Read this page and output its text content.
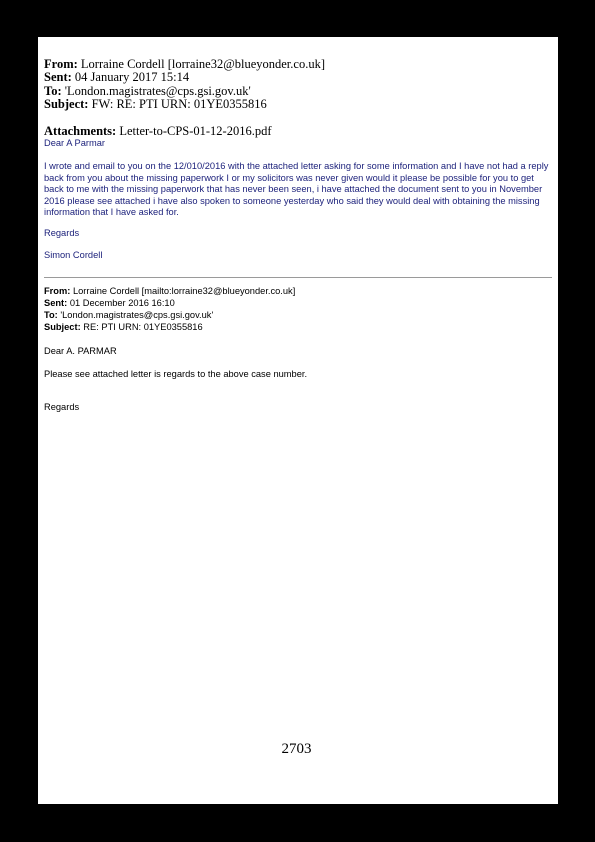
From: Lorraine Cordell [lorraine32@blueyonder.co.uk]
Sent: 04 January 2017 15:14
To: 'London.magistrates@cps.gsi.gov.uk'
Subject: FW: RE: PTI URN: 01YE0355816
Attachments: Letter-to-CPS-01-12-2016.pdf
Dear A Parmar
I wrote and email to you on the 12/010/2016 with the attached letter asking for some information and I have not had a reply back from you about the missing paperwork I or my solicitors was never given would it please be possible for you to get back to me with the missing paperwork that has never been seen, i have attached the document sent to you in November 2016 please see attached i have also spoken to someone yesterday who said they would deal with obtaining the missing information that I have asked for.
Regards
Simon Cordell
From: Lorraine Cordell [mailto:lorraine32@blueyonder.co.uk]
Sent: 01 December 2016 16:10
To: 'London.magistrates@cps.gsi.gov.uk'
Subject: RE: PTI URN: 01YE0355816
Dear A. PARMAR
Please see attached letter is regards to the above case number.
Regards
2703
